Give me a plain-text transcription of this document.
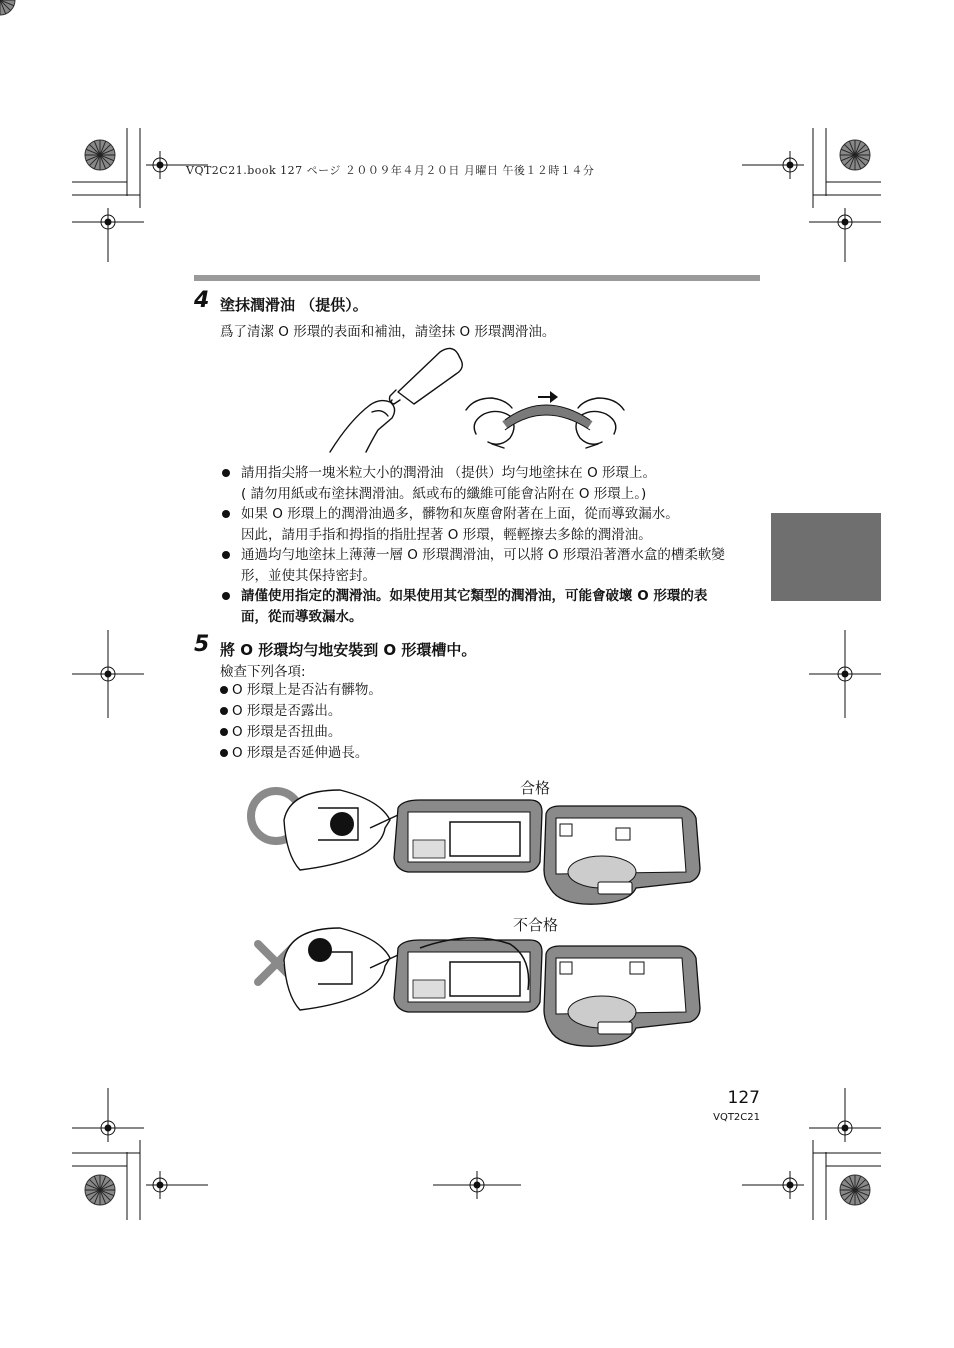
VQT2C21.book 127 ページ ２００９年４月２０日 月曜日 午後１２時１４分
4 塗抹潤滑油 （提供）。
爲了清潔 O 形環的表面和補油，請塗抹 O 形環潤滑油。
請用指尖將一塊米粒大小的潤滑油 （提供）均勻地塗抹在 O 形環上。
( 請勿用紙或布塗抹潤滑油。紙或布的纖維可能會沾附在 O 形環上。)
如果 O 形環上的潤滑油過多，髒物和灰塵會附著在上面，從而導致漏水。
因此，請用手指和拇指的指肚捏著 O 形環，輕輕擦去多餘的潤滑油。
通過均勻地塗抹上薄薄一層 O 形環潤滑油，可以將 O 形環沿著潛水盒的槽柔軟變
形，並使其保持密封。
請僅使用指定的潤滑油。如果使用其它類型的潤滑油，可能會破壞 O 形環的表
面，從而導致漏水。
5 將 O 形環均勻地安裝到 O 形環槽中。
檢查下列各項:
O 形環上是否沾有髒物。
O 形環是否露出。
O 形環是否扭曲。
O 形環是否延伸過長。
合格
不合格
127
VQT2C21
